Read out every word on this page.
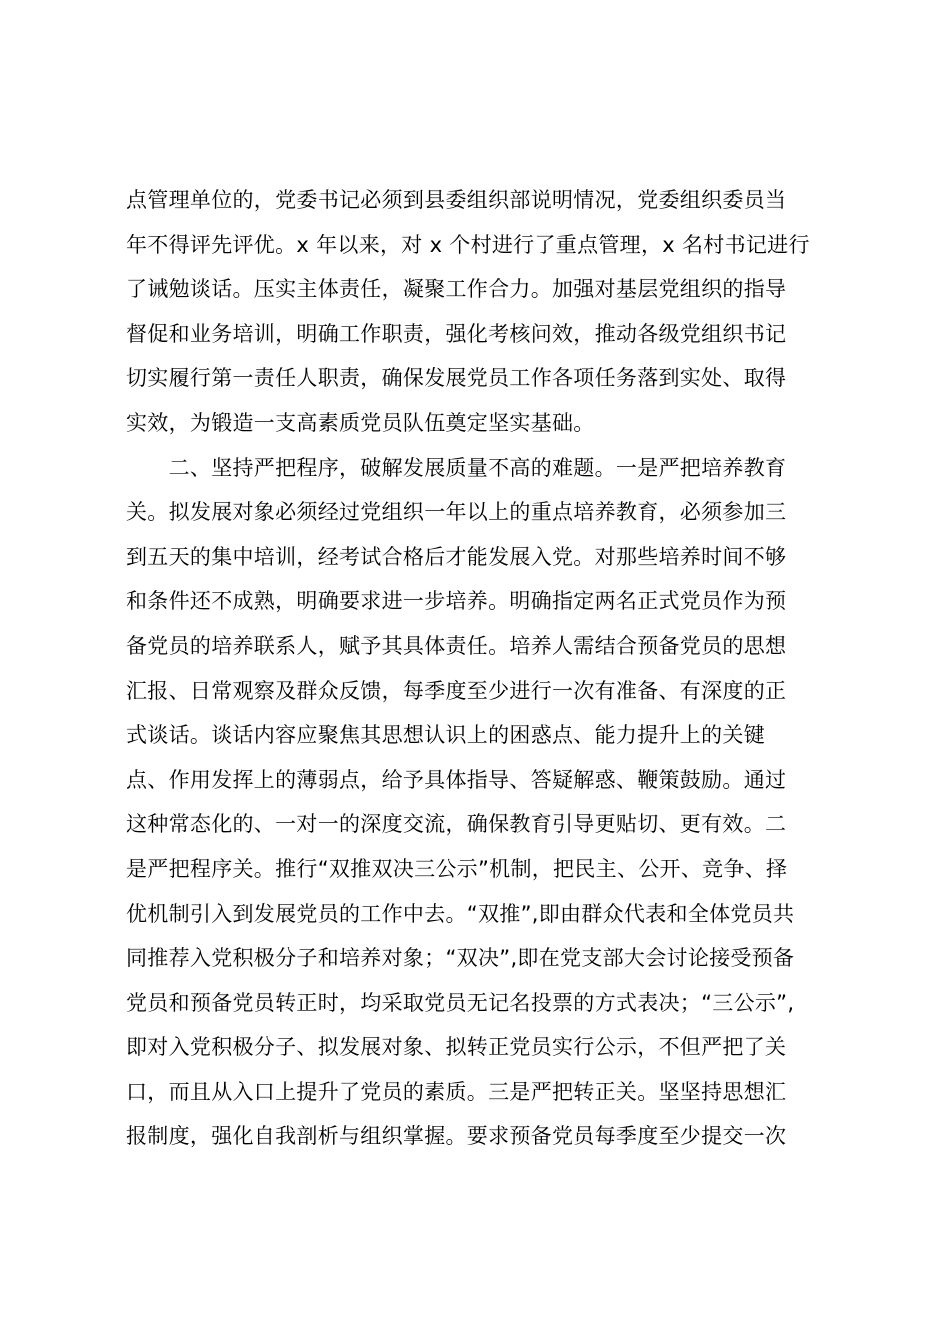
点管理单位的，党委书记必须到县委组织部说明情况，党委组织委员当
年不得评先评优。x 年以来，对 x 个村进行了重点管理，x 名村书记进行
了诫勉谈话。压实主体责任，凝聚工作合力。加强对基层党组织的指导
督促和业务培训，明确工作职责，强化考核问效，推动各级党组织书记
切实履行第一责任人职责，确保发展党员工作各项任务落到实处、取得
实效，为锻造一支高素质党员队伍奠定坚实基础。
　　二、坚持严把程序，破解发展质量不高的难题。一是严把培养教育
关。拟发展对象必须经过党组织一年以上的重点培养教育，必须参加三
到五天的集中培训，经考试合格后才能发展入党。对那些培养时间不够
和条件还不成熟，明确要求进一步培养。明确指定两名正式党员作为预
备党员的培养联系人，赋予其具体责任。培养人需结合预备党员的思想
汇报、日常观察及群众反馈，每季度至少进行一次有准备、有深度的正
式谈话。谈话内容应聚焦其思想认识上的困惑点、能力提升上的关键
点、作用发挥上的薄弱点，给予具体指导、答疑解惑、鞭策鼓励。通过
这种常态化的、一对一的深度交流，确保教育引导更贴切、更有效。二
是严把程序关。推行“双推双决三公示”机制，把民主、公开、竞争、择
优机制引入到发展党员的工作中去。“双推”,即由群众代表和全体党员共
同推荐入党积极分子和培养对象；“双决”,即在党支部大会讨论接受预备
党员和预备党员转正时，均采取党员无记名投票的方式表决；“三公示”,
即对入党积极分子、拟发展对象、拟转正党员实行公示，不但严把了关
口，而且从入口上提升了党员的素质。三是严把转正关。坚坚持思想汇
报制度，强化自我剖析与组织掌握。要求预备党员每季度至少提交一次
